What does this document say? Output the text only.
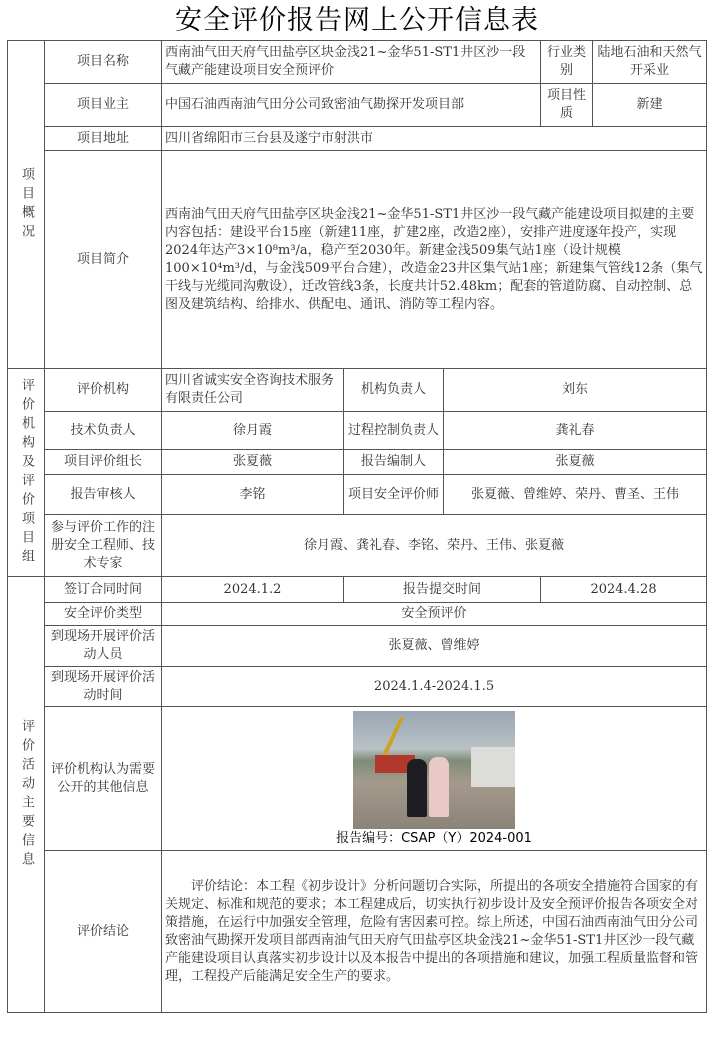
安全评价报告网上公开信息表
项目概况	项目名称	西南油气田天府气田盐亭区块金浅21~金华51-ST1井区沙一段气藏产能建设项目安全预评价			行业类别	陆地石油和天然气开采业
	项目业主	中国石油西南油气田分公司致密油气勘探开发项目部			项目性质	新建
	项目地址	四川省绵阳市三台县及遂宁市射洪市				
	项目简介	西南油气田天府气田盐亭区块金浅21~金华51-ST1井区沙一段气藏产能建设项目拟建的主要内容包括：建设平台15座（新建11座，扩建2座，改造2座），安排产进度逐年投产，实现2024年达产3×10⁸m³/a，稳产至2030年。新建金浅509集气站1座（设计规模100×10⁴m³/d，与金浅509平台合建），改造金23井区集气站1座；新建集气管线12条（集气干线与光缆同沟敷设），迁改管线3条，长度共计52.48km；配套的管道防腐、自动控制、总图及建筑结构、给排水、供配电、通讯、消防等工程内容。				
评价机构及评价项目组	评价机构	四川省诚实安全咨询技术服务有限责任公司	机构负责人	刘东		
	技术负责人	徐月霞	过程控制负责人	龚礼春		
	项目评价组长	张夏薇	报告编制人	张夏薇		
	报告审核人	李铭	项目安全评价师	张夏薇、曾维婷、荣丹、曹圣、王伟		
	参与评价工作的注册安全工程师、技术专家	徐月霞、龚礼春、李铭、荣丹、王伟、张夏薇				
评价活动主要信息	签订合同时间	2024.1.2	报告提交时间		2024.4.28	
	安全评价类型	安全预评价				
	到现场开展评价活动人员	张夏薇、曾维婷				
	到现场开展评价活动时间	2024.1.4-2024.1.5				
	评价机构认为需要公开的其他信息	报告编号：CSAP（Y）2024-001				

	评价结论	评价结论：本工程《初步设计》分析问题切合实际，所提出的各项安全措施符合国家的有关规定、标准和规范的要求；本工程建成后，切实执行初步设计及安全预评价报告各项安全对策措施，在运行中加强安全管理，危险有害因素可控。综上所述，中国石油西南油气田分公司致密油气勘探开发项目部西南油气田天府气田盐亭区块金浅21~金华51-ST1井区沙一段气藏产能建设项目认真落实初步设计以及本报告中提出的各项措施和建议，加强工程质量监督和管理，工程投产后能满足安全生产的要求。				
